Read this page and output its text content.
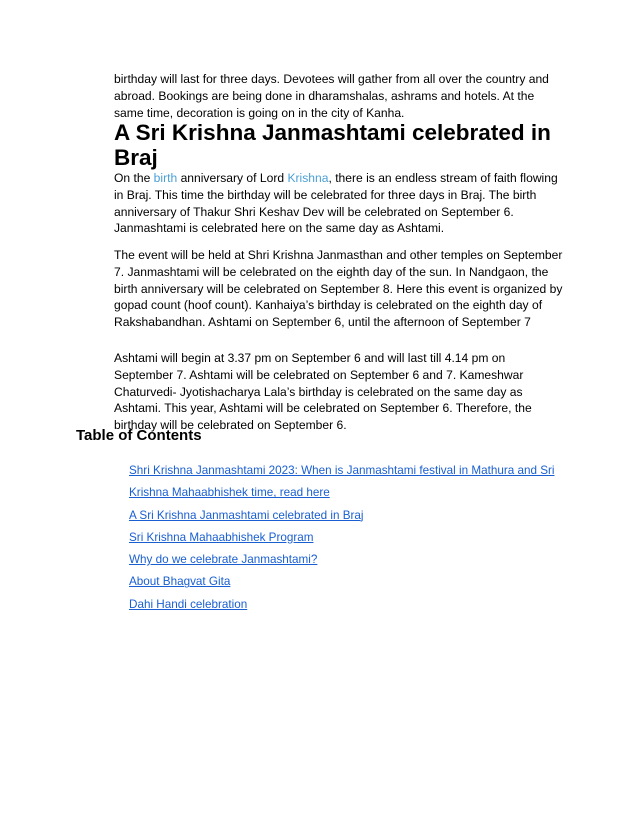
birthday will last for three days. Devotees will gather from all over the country and abroad. Bookings are being done in dharamshalas, ashrams and hotels. At the same time, decoration is going on in the city of Kanha.

A Sri Krishna Janmashtami celebrated in Braj

On the birth anniversary of Lord Krishna, there is an endless stream of faith flowing in Braj. This time the birthday will be celebrated for three days in Braj. The birth anniversary of Thakur Shri Keshav Dev will be celebrated on September 6. Janmashtami is celebrated here on the same day as Ashtami.

The event will be held at Shri Krishna Janmasthan and other temples on September 7. Janmashtami will be celebrated on the eighth day of the sun. In Nandgaon, the birth anniversary will be celebrated on September 8. Here this event is organized by gopad count (hoof count). Kanhaiya’s birthday is celebrated on the eighth day of Rakshabandhan. Ashtami on September 6, until the afternoon of September 7

Ashtami will begin at 3.37 pm on September 6 and will last till 4.14 pm on September 7. Ashtami will be celebrated on September 6 and 7. Kameshwar Chaturvedi- Jyotishacharya Lala’s birthday is celebrated on the same day as Ashtami. This year, Ashtami will be celebrated on September 6. Therefore, the birthday will be celebrated on September 6.

Table of Contents
Shri Krishna Janmashtami 2023: When is Janmashtami festival in Mathura and Sri
Krishna Mahaabhishek time, read here
A Sri Krishna Janmashtami celebrated in Braj
Sri Krishna Mahaabhishek Program
Why do we celebrate Janmashtami?
About Bhagvat Gita
Dahi Handi celebration
